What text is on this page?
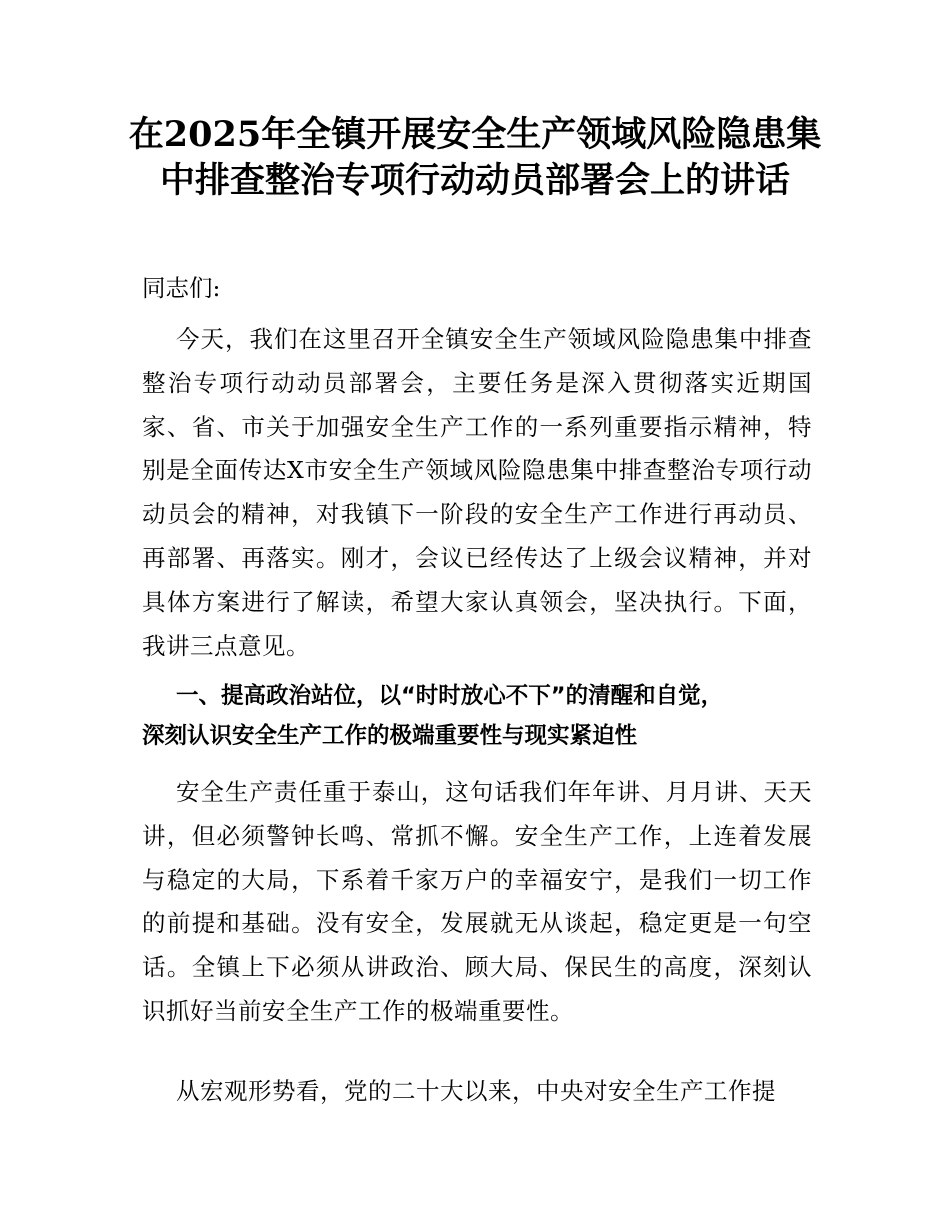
在2025年全镇开展安全生产领域风险隐患集
中排查整治专项行动动员部署会上的讲话

同志们:

今天，我们在这里召开全镇安全生产领域风险隐患集中排查整治专项行动动员部署会，主要任务是深入贯彻落实近期国家、省、市关于加强安全生产工作的一系列重要指示精神，特别是全面传达X市安全生产领域风险隐患集中排查整治专项行动动员会的精神，对我镇下一阶段的安全生产工作进行再动员、再部署、再落实。刚才，会议已经传达了上级会议精神，并对具体方案进行了解读，希望大家认真领会，坚决执行。下面，我讲三点意见。

一、提高政治站位，以“时时放心不下”的清醒和自觉，
深刻认识安全生产工作的极端重要性与现实紧迫性

安全生产责任重于泰山，这句话我们年年讲、月月讲、天天讲，但必须警钟长鸣、常抓不懈。安全生产工作，上连着发展与稳定的大局，下系着千家万户的幸福安宁，是我们一切工作的前提和基础。没有安全，发展就无从谈起，稳定更是一句空话。全镇上下必须从讲政治、顾大局、保民生的高度，深刻认识抓好当前安全生产工作的极端重要性。

从宏观形势看，党的二十大以来，中央对安全生产工作提
